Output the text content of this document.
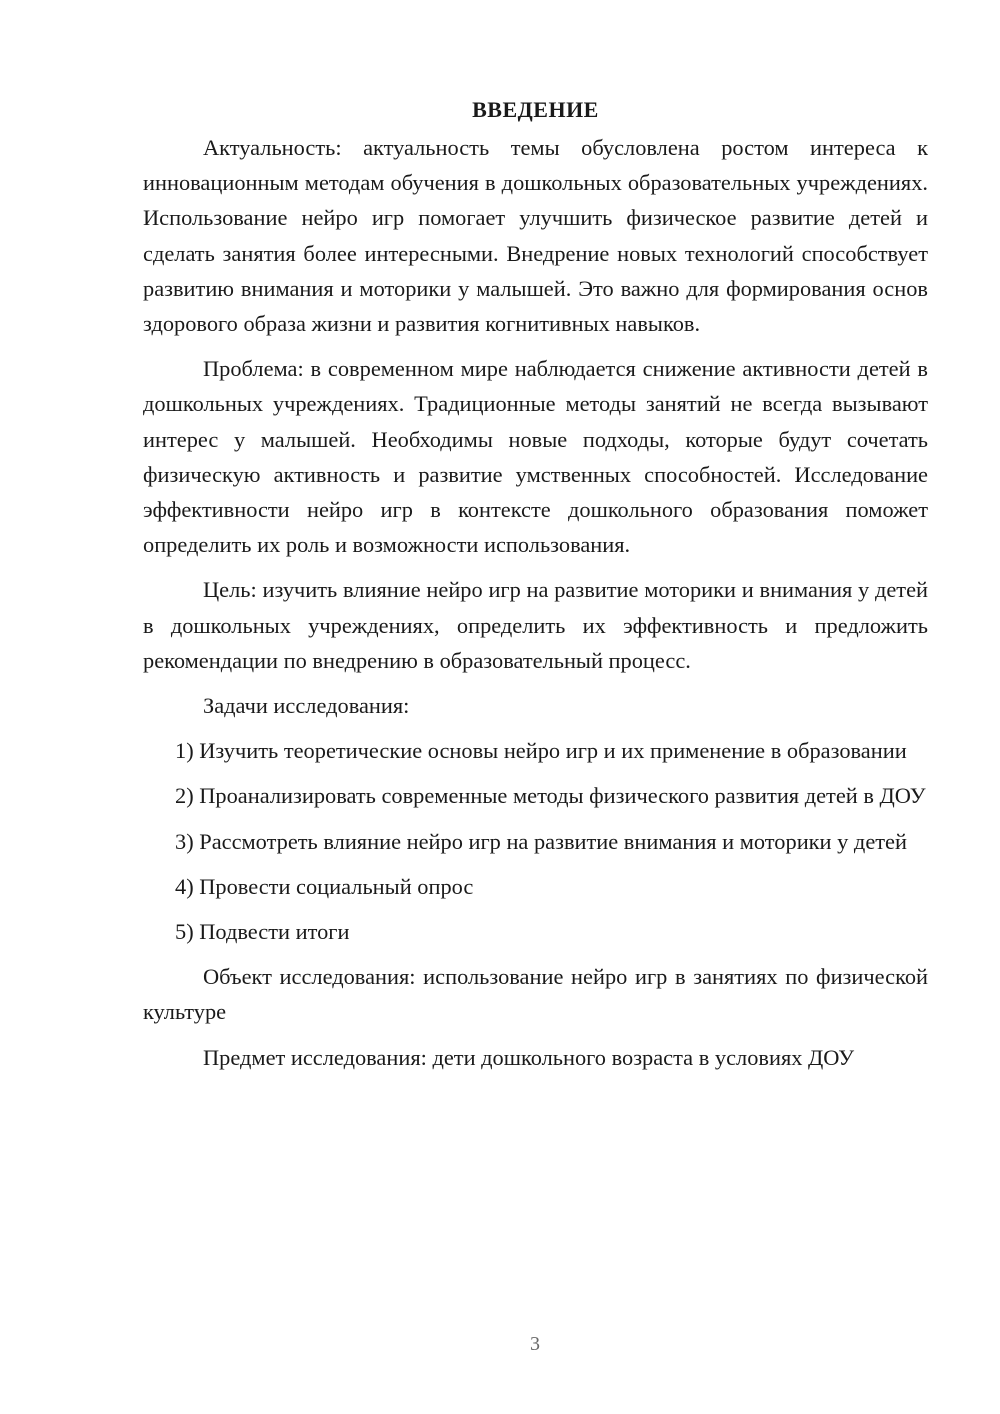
ВВЕДЕНИЕ

Актуальность: актуальность темы обусловлена ростом интереса к инновационным методам обучения в дошкольных образовательных учреждениях. Использование нейро игр помогает улучшить физическое развитие детей и сделать занятия более интересными. Внедрение новых технологий способствует развитию внимания и моторики у малышей. Это важно для формирования основ здорового образа жизни и развития когнитивных навыков.

Проблема: в современном мире наблюдается снижение активности детей в дошкольных учреждениях. Традиционные методы занятий не всегда вызывают интерес у малышей. Необходимы новые подходы, которые будут сочетать физическую активность и развитие умственных способностей. Исследование эффективности нейро игр в контексте дошкольного образования поможет определить их роль и возможности использования.

Цель: изучить влияние нейро игр на развитие моторики и внимания у детей в дошкольных учреждениях, определить их эффективность и предложить рекомендации по внедрению в образовательный процесс.

Задачи исследования:

1) Изучить теоретические основы нейро игр и их применение в образовании

2) Проанализировать современные методы физического развития детей в ДОУ

3) Рассмотреть влияние нейро игр на развитие внимания и моторики у детей

4) Провести социальный опрос

5) Подвести итоги

Объект исследования: использование нейро игр в занятиях по физической культуре

Предмет исследования: дети дошкольного возраста в условиях ДОУ

3
